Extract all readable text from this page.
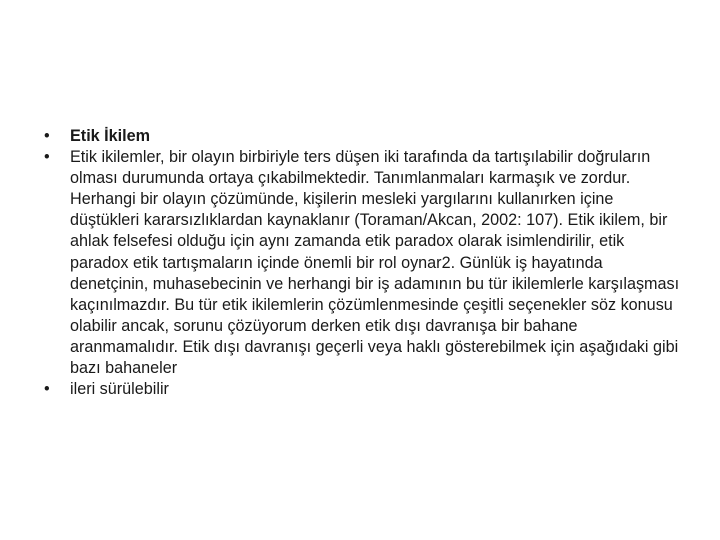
•	Etik İkilem
•	Etik ikilemler, bir olayın birbiriyle ters düşen iki tarafında da tartışılabilir doğruların olması durumunda ortaya çıkabilmektedir. Tanımlanmaları karmaşık ve zordur. Herhangi bir olayın çözümünde, kişilerin mesleki yargılarını kullanırken içine düştükleri kararsızlıklardan kaynaklanır (Toraman/Akcan, 2002: 107). Etik ikilem, bir ahlak felsefesi olduğu için aynı zamanda etik paradox olarak isimlendirilir, etik paradox etik tartışmaların içinde önemli bir rol oynar2. Günlük iş hayatında denetçinin, muhasebecinin ve herhangi bir iş adamının bu tür ikilemlerle karşılaşması kaçınılmazdır. Bu tür etik ikilemlerin çözümlenmesinde çeşitli seçenekler söz konusu olabilir ancak, sorunu çözüyorum derken etik dışı davranışa bir bahane aranmamalıdır. Etik dışı davranışı geçerli veya haklı gösterebilmek için aşağıdaki gibi bazı bahaneler
•	ileri sürülebilir
